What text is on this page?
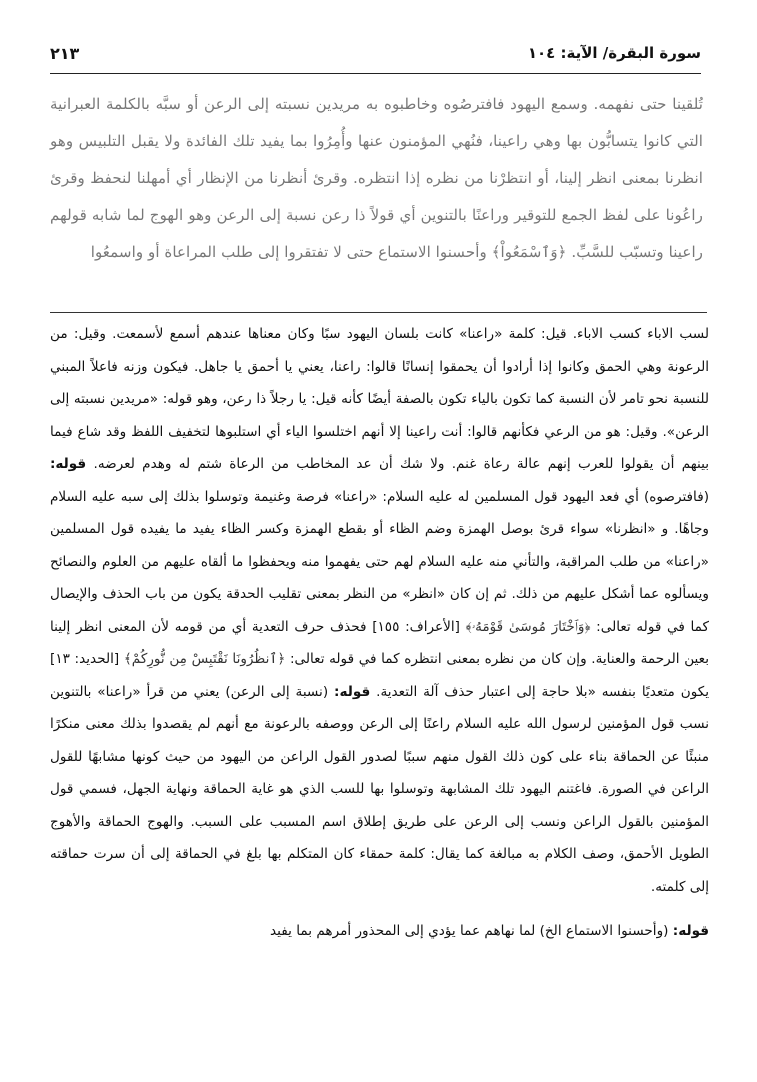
سورة البقرة/ الآية: ١٠٤
٢١٣
تُلقينا حتى نفهمه. وسمع اليهود فافترصُوه وخاطبوه به مريدين نسبته إلى الرعن أو سبَّه بالكلمة العبرانية التي كانوا يتسابُّون بها وهي راعينا، فنُهي المؤمنون عنها وأُمِرُوا بما يفيد تلك الفائدة ولا يقبل التلبيس وهو انظرنا بمعنى انظر إلينا، أو انتظرْنا من نظره إذا انتظره. وقرئ أنظرنا من الإنظار أي أمهلنا لنحفظ وقرئ راعُونا على لفظ الجمع للتوقير وراعنًا بالتنوين أي قولاً ذا رعن نسبة إلى الرعن وهو الهوج لما شابه قولهم راعينا وتسبّب للسَّبِّ. ﴿وَٱسْمَعُواْ﴾ وأحسنوا الاستماع حتى لا تفتقروا إلى طلب المراعاة أو واسمعُوا

لسب الاباء كسب الاباء. قيل: كلمة «راعنا» كانت بلسان اليهود سبًا وكان معناها عندهم أسمع لأسمعت. وقيل: من الرعونة وهي الحمق وكانوا إذا أرادوا أن يحمقوا إنسانًا قالوا: راعنا، يعني يا أحمق يا جاهل. فيكون وزنه فاعلاً المبني للنسبة نحو تامر لأن النسبة كما تكون بالياء تكون بالصفة أيضًا كأنه قيل: يا رجلاً ذا رعن، وهو قوله: «مريدين نسبته إلى الرعن». وقيل: هو من الرعي فكأنهم قالوا: أنت راعينا إلا أنهم اختلسوا الياء أي استلبوها لتخفيف اللفظ وقد شاع فيما بينهم أن يقولوا للعرب إنهم عالة رعاة غنم. ولا شك أن عد المخاطب من الرعاة شتم له وهدم لعرضه. قوله: (فافترصوه) أي فعد اليهود قول المسلمين له عليه السلام: «راعنا» فرصة وغنيمة وتوسلوا بذلك إلى سبه عليه السلام وجاهًا. و «انظرنا» سواء قرئ بوصل الهمزة وضم الظاء أو بقطع الهمزة وكسر الظاء يفيد ما يفيده قول المسلمين «راعنا» من طلب المراقبة، والتأني منه عليه السلام لهم حتى يفهموا منه ويحفظوا ما ألقاه عليهم من العلوم والنصائح ويسألوه عما أشكل عليهم من ذلك. ثم إن كان «انظر» من النظر بمعنى تقليب الحدقة يكون من باب الحذف والإيصال كما في قوله تعالى: ﴿وَٱخْتَارَ مُوسَىٰ قَوْمَهُۥ﴾ [الأعراف: ١٥٥] فحذف حرف التعدية أي من قومه لأن المعنى انظر إلينا بعين الرحمة والعناية. وإن كان من نظره بمعنى انتظره كما في قوله تعالى: ﴿ٱنظُرُونَا نَقْتَبِسْ مِن نُّورِكُمْ﴾ [الحديد: ١٣] يكون متعديًا بنفسه «بلا حاجة إلى اعتبار حذف آلة التعدية. قوله: (نسبة إلى الرعن) يعني من قرأ «راعنا» بالتنوين نسب قول المؤمنين لرسول الله عليه السلام راعنًا إلى الرعن ووصفه بالرعونة مع أنهم لم يقصدوا بذلك معنى منكرًا منبئًا عن الحماقة بناء على كون ذلك القول منهم سببًا لصدور القول الراعن من اليهود من حيث كونها مشابهًا للقول الراعن في الصورة. فاغتنم اليهود تلك المشابهة وتوسلوا بها للسب الذي هو غاية الحماقة ونهاية الجهل، فسمي قول المؤمنين بالقول الراعن ونسب إلى الرعن على طريق إطلاق اسم المسبب على السبب. والهوج الحماقة والأهوج الطويل الأحمق، وصف الكلام به مبالغة كما يقال: كلمة حمقاء كان المتكلم بها بلغ في الحماقة إلى أن سرت حماقته إلى كلمته.

قوله: (وأحسنوا الاستماع الخ) لما نهاهم عما يؤدي إلى المحذور أمرهم بما يفيد
